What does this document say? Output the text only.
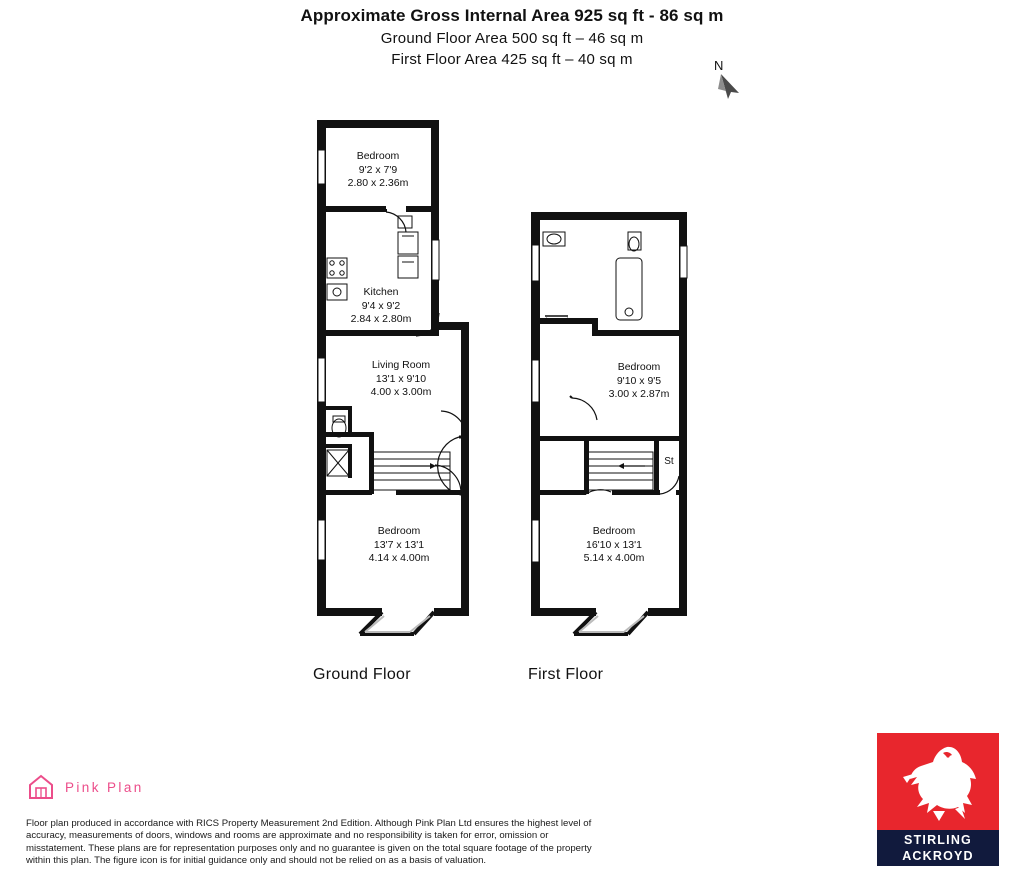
Approximate Gross Internal Area 925 sq ft - 86 sq m
Ground Floor Area 500 sq ft – 46 sq m
First Floor Area 425 sq ft – 40 sq m	N
Bedroom
9'2 x 7'9
2.80 x 2.36m
Kitchen
9'4 x 9'2
2.84 x 2.80m
Living Room
13'1 x 9'10
4.00 x 3.00m
Bedroom
13'7 x 13'1
4.14 x 4.00m
Bedroom
9'10 x 9'5
3.00 x 2.87m
Bedroom
16'10 x 13'1
5.14 x 4.00m
St
Ground Floor	First Floor
Pink Plan
Floor plan produced in accordance with RICS Property Measurement 2nd Edition. Although Pink Plan Ltd ensures the highest level of accuracy, measurements of doors, windows and rooms are approximate and no responsibility is taken for error, omission or misstatement. These plans are for representation purposes only and no guarantee is given on the total square footage of the property within this plan. The figure icon is for initial guidance only and should not be relied on as a basis of valuation.
STIRLING
ACKROYD
